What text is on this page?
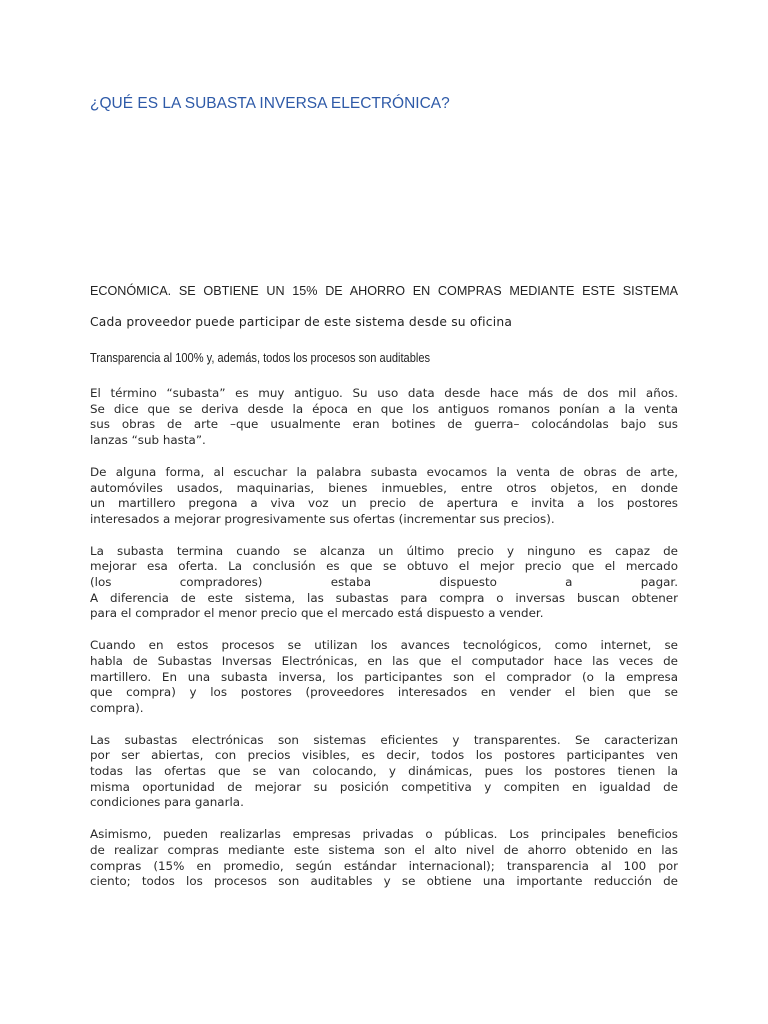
¿QUÉ ES LA SUBASTA INVERSA ELECTRÓNICA?
ECONÓMICA. SE OBTIENE UN 15% DE AHORRO EN COMPRAS MEDIANTE ESTE SISTEMA
Cada proveedor puede participar de este sistema desde su oficina
Transparencia al 100% y, además, todos los procesos son auditables

El término “subasta” es muy antiguo. Su uso data desde hace más de dos mil años.
Se dice que se deriva desde la época en que los antiguos romanos ponían a la venta
sus obras de arte –que usualmente eran botines de guerra– colocándolas bajo sus
lanzas “sub hasta”.

De alguna forma, al escuchar la palabra subasta evocamos la venta de obras de arte,
automóviles usados, maquinarias, bienes inmuebles, entre otros objetos, en donde
un martillero pregona a viva voz un precio de apertura e invita a los postores
interesados a mejorar progresivamente sus ofertas (incrementar sus precios).

La subasta termina cuando se alcanza un último precio y ninguno es capaz de
mejorar esa oferta. La conclusión es que se obtuvo el mejor precio que el mercado
(los compradores) estaba dispuesto a pagar.
A diferencia de este sistema, las subastas para compra o inversas buscan obtener
para el comprador el menor precio que el mercado está dispuesto a vender.

Cuando en estos procesos se utilizan los avances tecnológicos, como internet, se
habla de Subastas Inversas Electrónicas, en las que el computador hace las veces de
martillero. En una subasta inversa, los participantes son el comprador (o la empresa
que compra) y los postores (proveedores interesados en vender el bien que se
compra).

Las subastas electrónicas son sistemas eficientes y transparentes. Se caracterizan
por ser abiertas, con precios visibles, es decir, todos los postores participantes ven
todas las ofertas que se van colocando, y dinámicas, pues los postores tienen la
misma oportunidad de mejorar su posición competitiva y compiten en igualdad de
condiciones para ganarla.

Asimismo, pueden realizarlas empresas privadas o públicas. Los principales beneficios
de realizar compras mediante este sistema son el alto nivel de ahorro obtenido en las
compras (15% en promedio, según estándar internacional); transparencia al 100 por
ciento; todos los procesos son auditables y se obtiene una importante reducción de
